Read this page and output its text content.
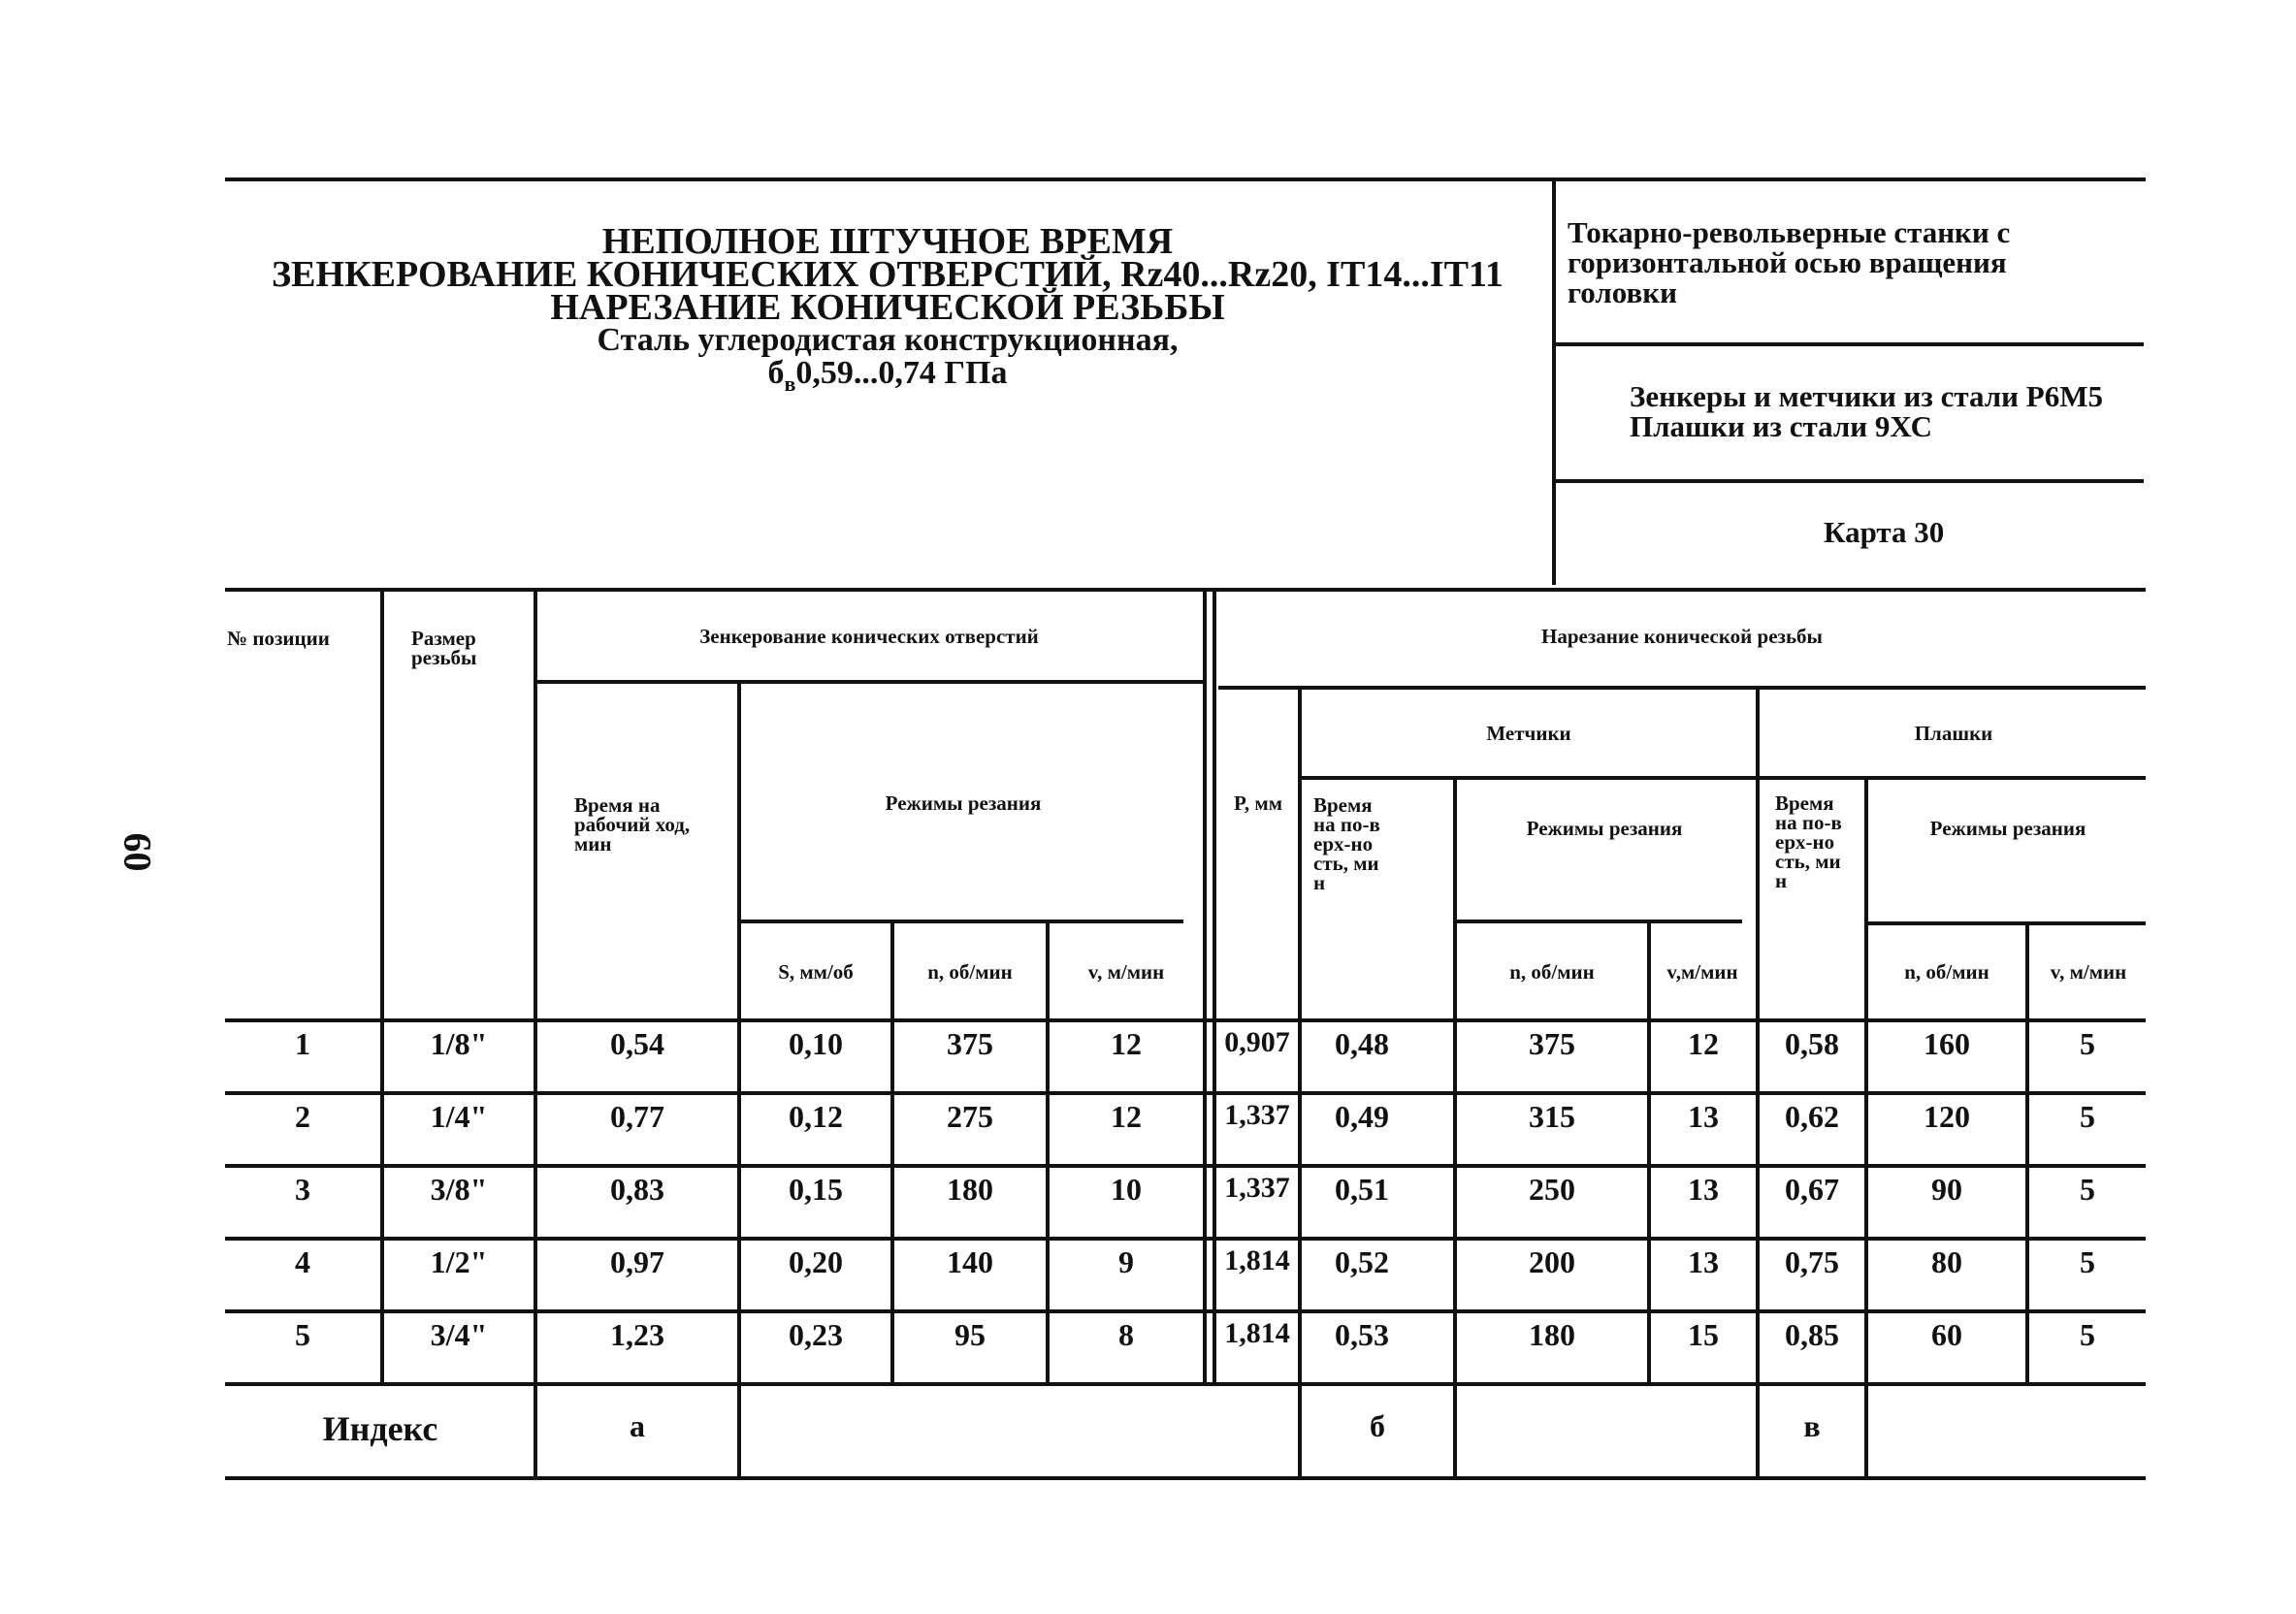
60
НЕПОЛНОЕ ШТУЧНОЕ ВРЕМЯ
ЗЕНКЕРОВАНИЕ КОНИЧЕСКИХ ОТВЕРСТИЙ, Rz40...Rz20, IT14...IT11
НАРЕЗАНИЕ КОНИЧЕСКОЙ РЕЗЬБЫ
Сталь углеродистая конструкционная,
$б_в0,59...0,74$ ГПа
Токарно-револьверные станки с горизонтальной осью вращения головки
Зенкеры и метчики из стали Р6М5
Плашки из стали 9ХС
Карта 30
№ позиции	Размер резьбы
Зенкерование конических отверстий	Нарезание конической резьбы
Время на рабочий ход, мин
Режимы резания
S, мм/об	n, об/мин	v, м/мин
P, мм
Метчики	Плашки
Время на по-верх-ность, мин
Режимы резания
n, об/мин	v,м/мин
Время на по-верх-ность, мин
Режимы резания
n, об/мин	v, м/мин
1	1/8"	0,54	0,10	375	12	0,907	0,48	375	12	0,58	160	5
2	1/4"	0,77	0,12	275	12	1,337	0,49	315	13	0,62	120	5
3	3/8"	0,83	0,15	180	10	1,337	0,51	250	13	0,67	90	5
4	1/2"	0,97	0,20	140	9	1,814	0,52	200	13	0,75	80	5
5	3/4"	1,23	0,23	95	8	1,814	0,53	180	15	0,85	60	5
Индекс	а	б	в
